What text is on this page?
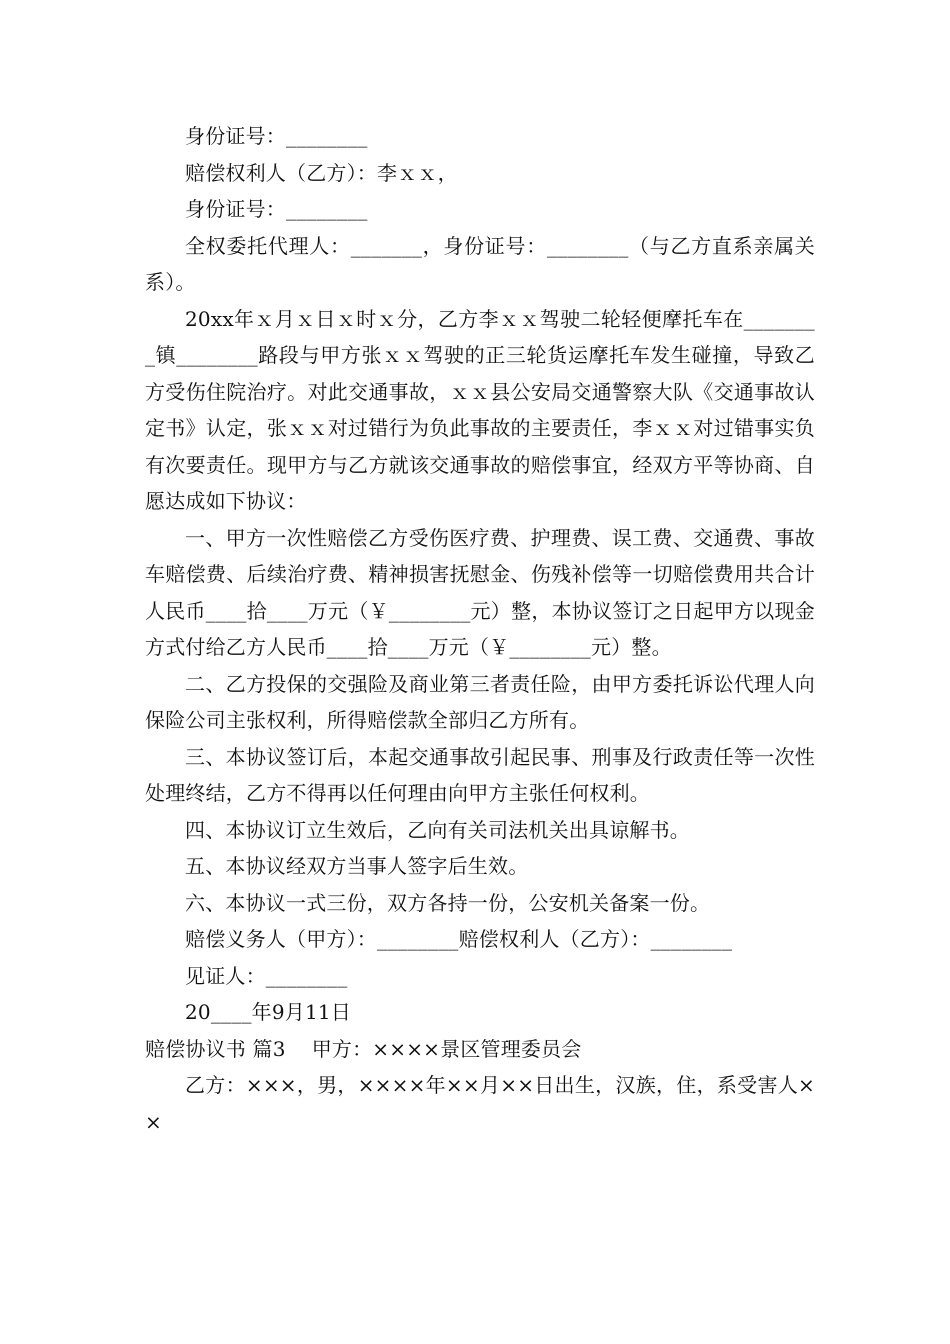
身份证号：________

赔偿权利人（乙方）：李ｘｘ，

身份证号：________

全权委托代理人：_______，身份证号：________（与乙方直系亲属关系）。

20xx年ｘ月ｘ日ｘ时ｘ分，乙方李ｘｘ驾驶二轮轻便摩托车在________镇________路段与甲方张ｘｘ驾驶的正三轮货运摩托车发生碰撞，导致乙方受伤住院治疗。对此交通事故，ｘｘ县公安局交通警察大队《交通事故认定书》认定，张ｘｘ对过错行为负此事故的主要责任，李ｘｘ对过错事实负有次要责任。现甲方与乙方就该交通事故的赔偿事宜，经双方平等协商、自愿达成如下协议：

一、甲方一次性赔偿乙方受伤医疗费、护理费、误工费、交通费、事故车赔偿费、后续治疗费、精神损害抚慰金、伤残补偿等一切赔偿费用共合计人民币____拾____万元（￥________元）整，本协议签订之日起甲方以现金方式付给乙方人民币____拾____万元（￥________元）整。

二、乙方投保的交强险及商业第三者责任险，由甲方委托诉讼代理人向保险公司主张权利，所得赔偿款全部归乙方所有。

三、本协议签订后，本起交通事故引起民事、刑事及行政责任等一次性处理终结，乙方不得再以任何理由向甲方主张任何权利。

四、本协议订立生效后，乙向有关司法机关出具谅解书。

五、本协议经双方当事人签字后生效。

六、本协议一式三份，双方各持一份，公安机关备案一份。

赔偿义务人（甲方）：________赔偿权利人（乙方）：________

见证人：________

20____年9月11日

赔偿协议书 篇3 甲方：××××景区管理委员会

乙方：×××，男，××××年××月××日出生，汉族，住，系受害人××
